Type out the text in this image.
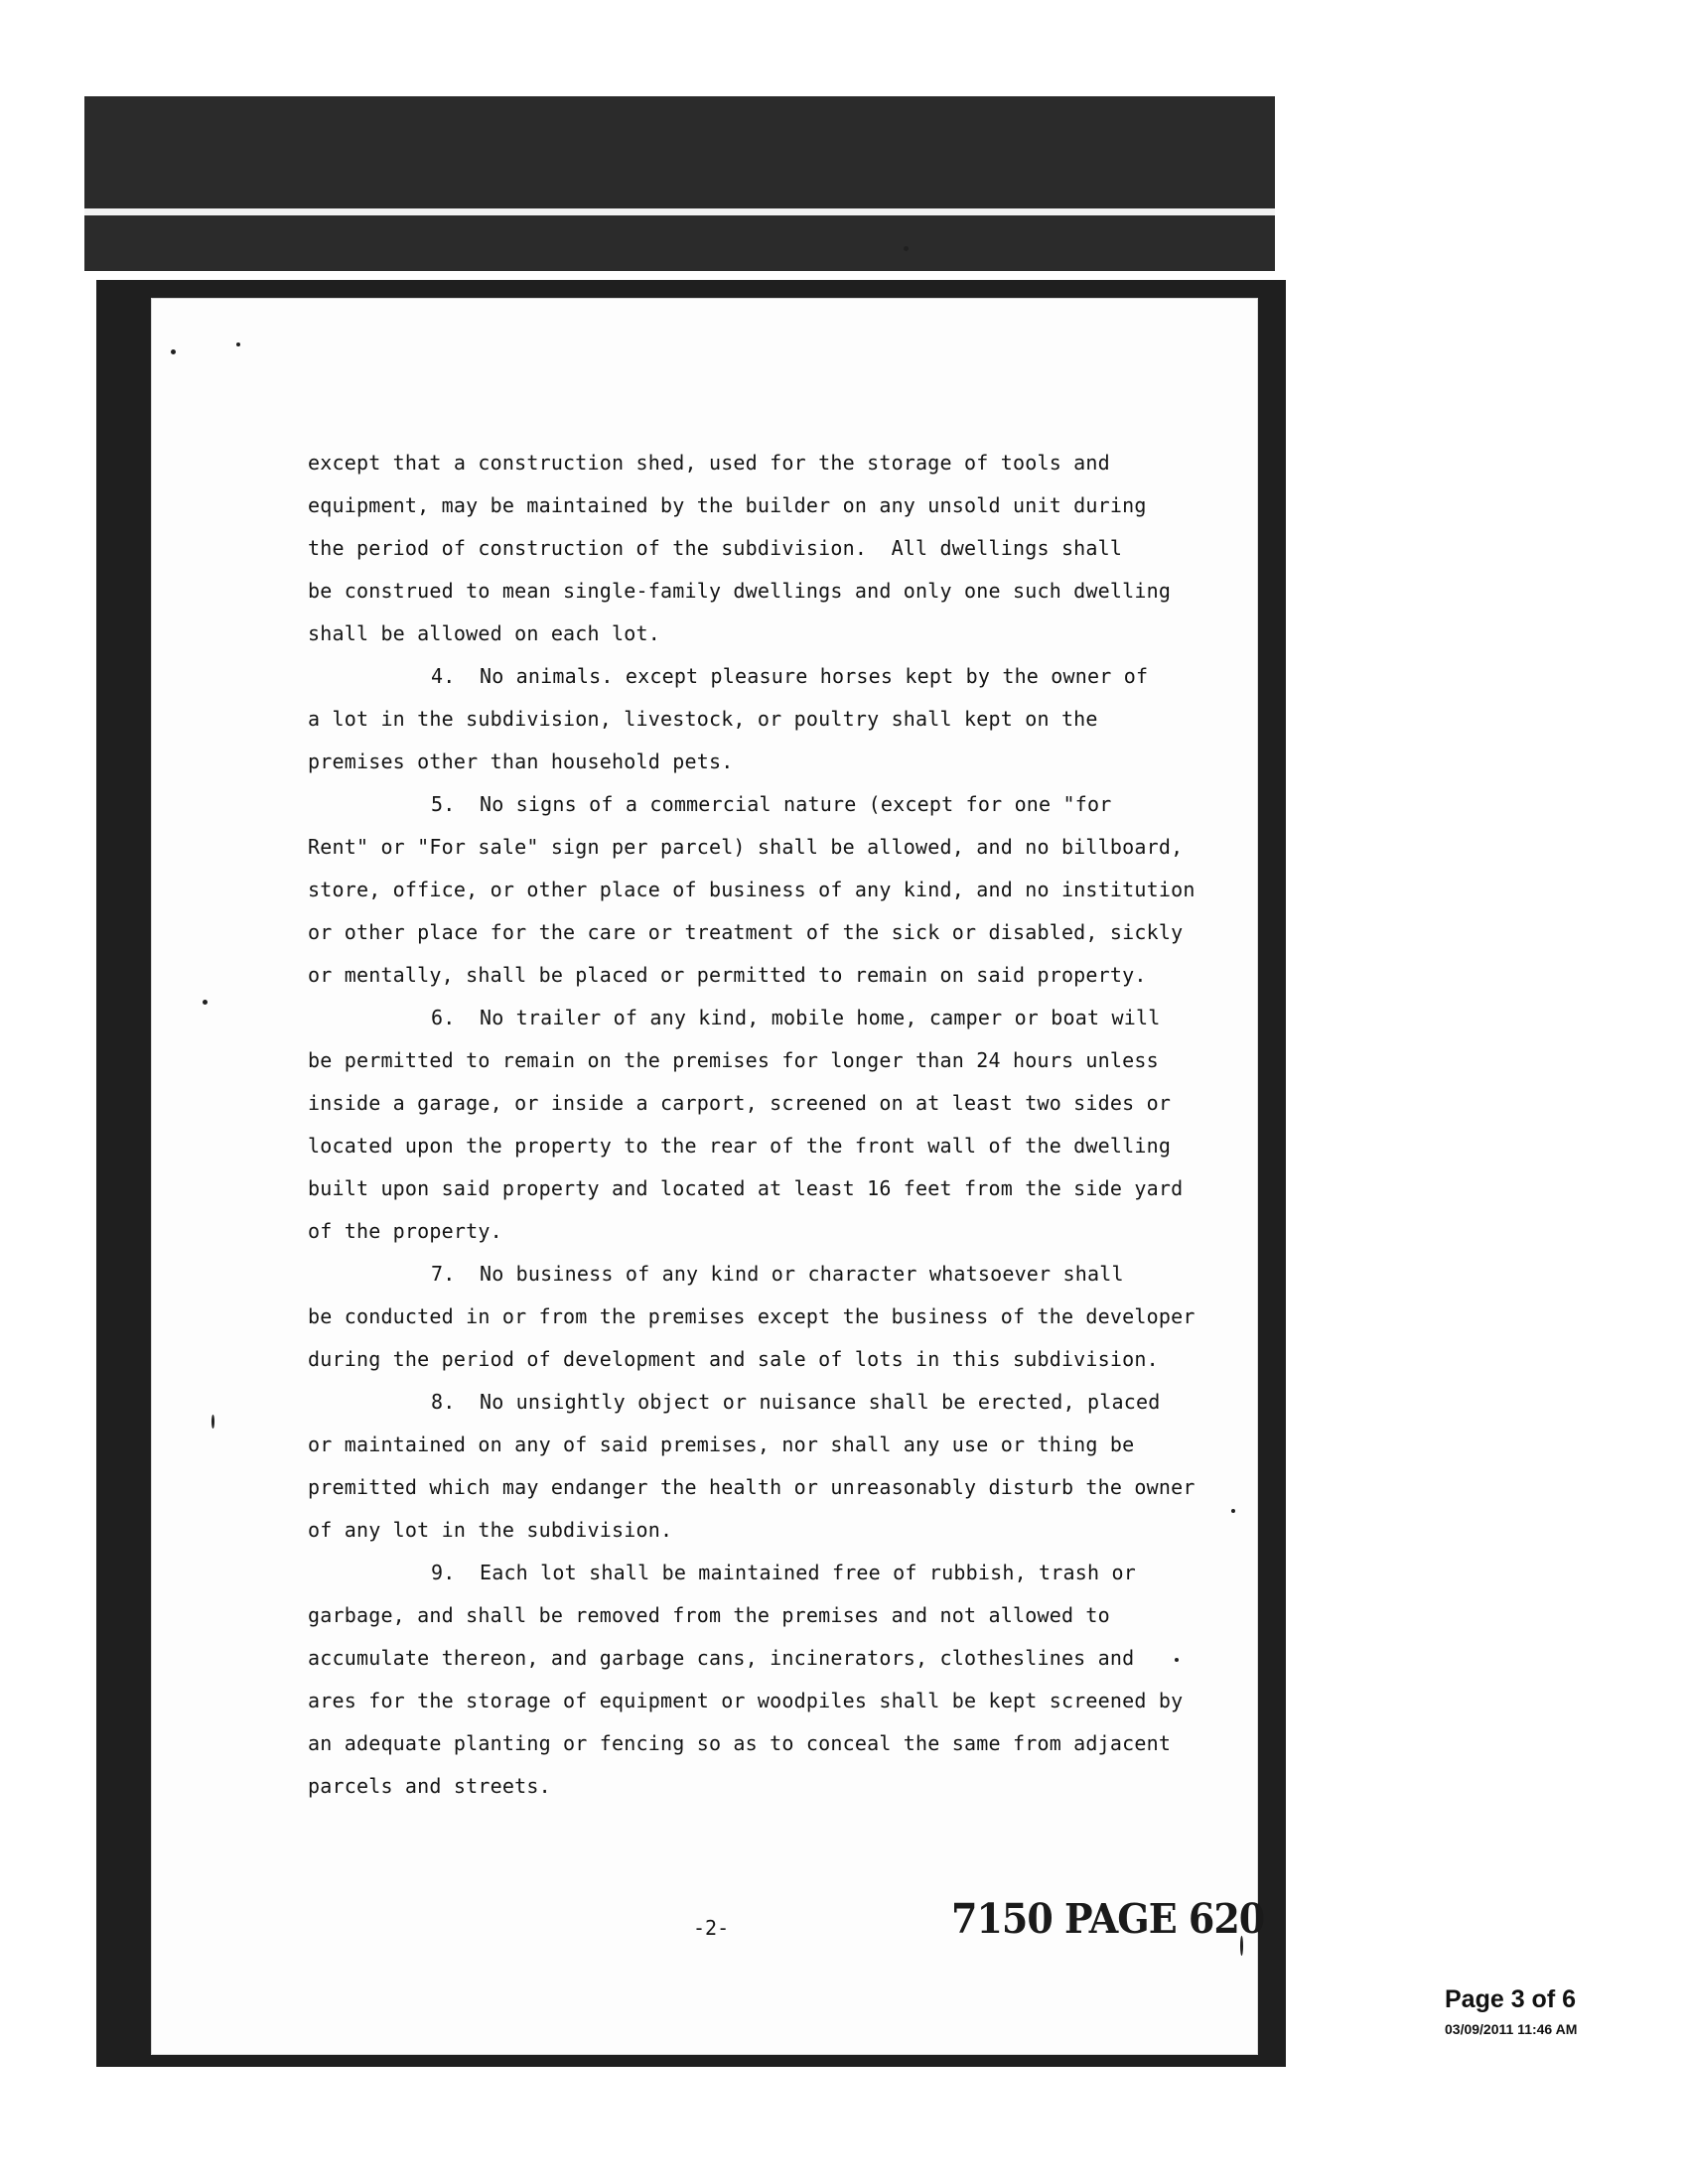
except that a construction shed, used for the storage of tools and
equipment, may be maintained by the builder on any unsold unit during
the period of construction of the subdivision.  All dwellings shall
be construed to mean single-family dwellings and only one such dwelling
shall be allowed on each lot.
4.  No animals. except pleasure horses kept by the owner of
a lot in the subdivision, livestock, or poultry shall kept on the
premises other than household pets.
5.  No signs of a commercial nature (except for one "for
Rent" or "For sale" sign per parcel) shall be allowed, and no billboard,
store, office, or other place of business of any kind, and no institution
or other place for the care or treatment of the sick or disabled, sickly
or mentally, shall be placed or permitted to remain on said property.
6.  No trailer of any kind, mobile home, camper or boat will
be permitted to remain on the premises for longer than 24 hours unless
inside a garage, or inside a carport, screened on at least two sides or
located upon the property to the rear of the front wall of the dwelling
built upon said property and located at least 16 feet from the side yard
of the property.
7.  No business of any kind or character whatsoever shall
be conducted in or from the premises except the business of the developer
during the period of development and sale of lots in this subdivision.
8.  No unsightly object or nuisance shall be erected, placed
or maintained on any of said premises, nor shall any use or thing be
premitted which may endanger the health or unreasonably disturb the owner
of any lot in the subdivision.
9.  Each lot shall be maintained free of rubbish, trash or
garbage, and shall be removed from the premises and not allowed to
accumulate thereon, and garbage cans, incinerators, clotheslines and
ares for the storage of equipment or woodpiles shall be kept screened by
an adequate planting or fencing so as to conceal the same from adjacent
parcels and streets.
-2-	7150 PAGE 620
Page 3 of 6
03/09/2011 11:46 AM
